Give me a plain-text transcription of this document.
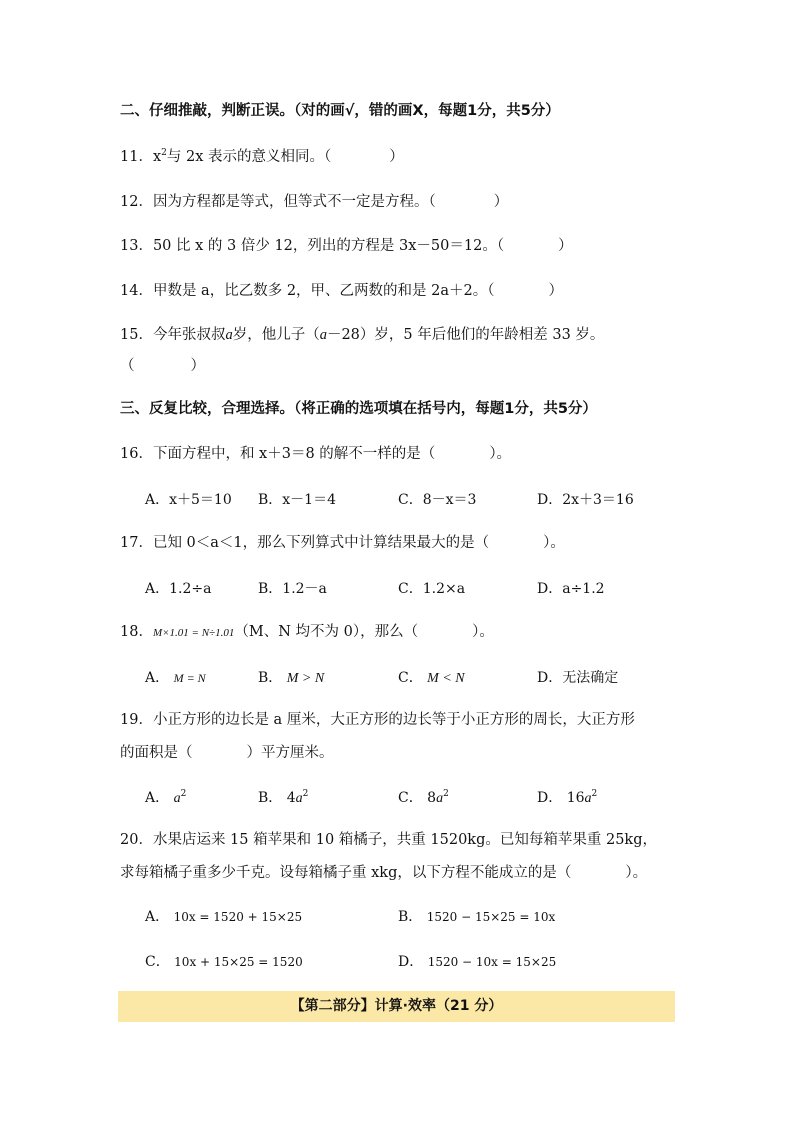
二、仔细推敲，判断正误。（对的画√，错的画X，每题1分，共5分）
11．$x^2$与 2x 表示的意义相同。（	）
12．因为方程都是等式，但等式不一定是方程。（	）
13．50 比 x 的 3 倍少 12，列出的方程是 3x－50＝12。（	）
14．甲数是 a，比乙数多 2，甲、乙两数的和是 2a＋2。（	）
15．今年张叔叔a岁，他儿子（a－28）岁，5 年后他们的年龄相差 33 岁。
（	）
三、反复比较，合理选择。（将正确的选项填在括号内，每题1分，共5分）
16．下面方程中，和 x＋3＝8 的解不一样的是（	）。
A．x＋5＝10 B．x－1＝4	C．8－x＝3	D．2x＋3＝16
17．已知 0＜a＜1，那么下列算式中计算结果最大的是（	）。
A．1.2÷a	B．1.2－a	C．1.2×a	D．a÷1.2
18．M×1.01 = N÷1.01（M、N 均不为 0），那么（	）。
A． M = N	B． M > N	C． M < N	D．无法确定
19．小正方形的边长是 a 厘米，大正方形的边长等于小正方形的周长，大正方形
的面积是（	）平方厘米。
A． $a^2$	B． $4a^2$	C． $8a^2$	D． $16a^2$
20．水果店运来 15 箱苹果和 10 箱橘子，共重 1520kg。已知每箱苹果重 25kg，
求每箱橘子重多少千克。设每箱橘子重 xkg，以下方程不能成立的是（	）。
A． 10x = 1520 + 15×25	B． 1520 − 15×25 = 10x
C． 10x + 15×25 = 1520	D． 1520 − 10x = 15×25
【第二部分】计算·效率（21 分）
